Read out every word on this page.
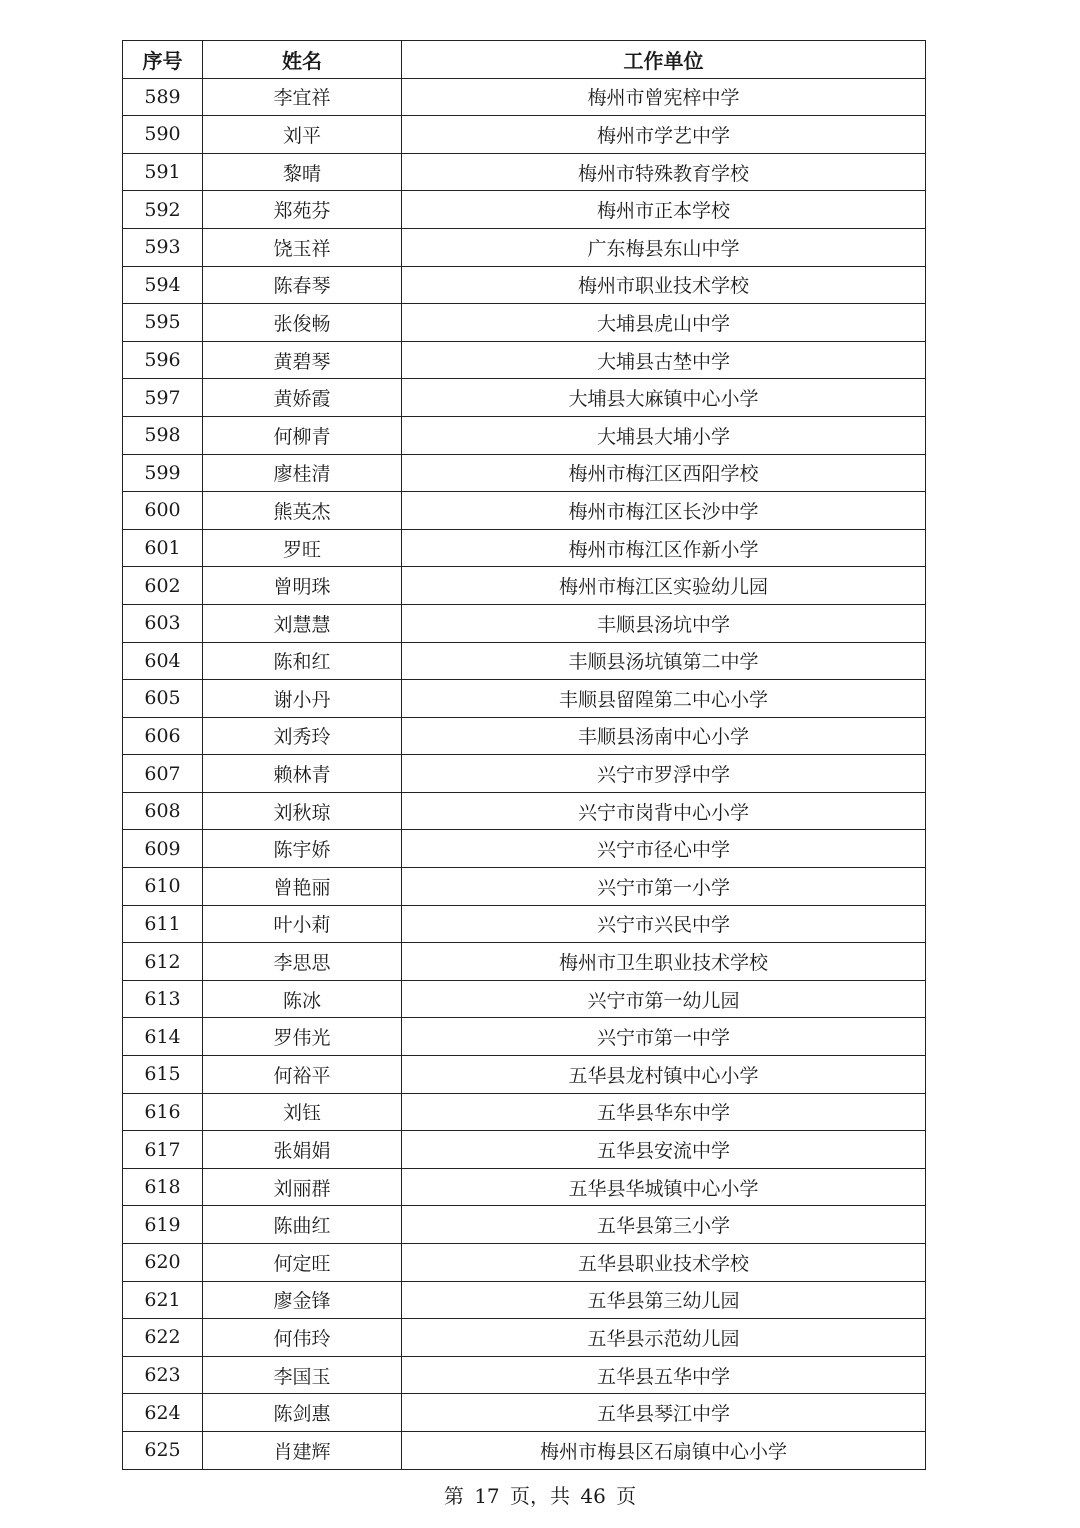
序号	姓名	工作单位
589	李宜祥	梅州市曾宪梓中学
590	刘平	梅州市学艺中学
591	黎晴	梅州市特殊教育学校
592	郑苑芬	梅州市正本学校
593	饶玉祥	广东梅县东山中学
594	陈春琴	梅州市职业技术学校
595	张俊畅	大埔县虎山中学
596	黄碧琴	大埔县古埜中学
597	黄娇霞	大埔县大麻镇中心小学
598	何柳青	大埔县大埔小学
599	廖桂清	梅州市梅江区西阳学校
600	熊英杰	梅州市梅江区长沙中学
601	罗旺	梅州市梅江区作新小学
602	曾明珠	梅州市梅江区实验幼儿园
603	刘慧慧	丰顺县汤坑中学
604	陈和红	丰顺县汤坑镇第二中学
605	谢小丹	丰顺县留隍第二中心小学
606	刘秀玲	丰顺县汤南中心小学
607	赖林青	兴宁市罗浮中学
608	刘秋琼	兴宁市岗背中心小学
609	陈宇娇	兴宁市径心中学
610	曾艳丽	兴宁市第一小学
611	叶小莉	兴宁市兴民中学
612	李思思	梅州市卫生职业技术学校
613	陈冰	兴宁市第一幼儿园
614	罗伟光	兴宁市第一中学
615	何裕平	五华县龙村镇中心小学
616	刘钰	五华县华东中学
617	张娟娟	五华县安流中学
618	刘丽群	五华县华城镇中心小学
619	陈曲红	五华县第三小学
620	何定旺	五华县职业技术学校
621	廖金锋	五华县第三幼儿园
622	何伟玲	五华县示范幼儿园
623	李国玉	五华县五华中学
624	陈剑惠	五华县琴江中学
625	肖建辉	梅州市梅县区石扇镇中心小学
第 17 页，共 46 页
